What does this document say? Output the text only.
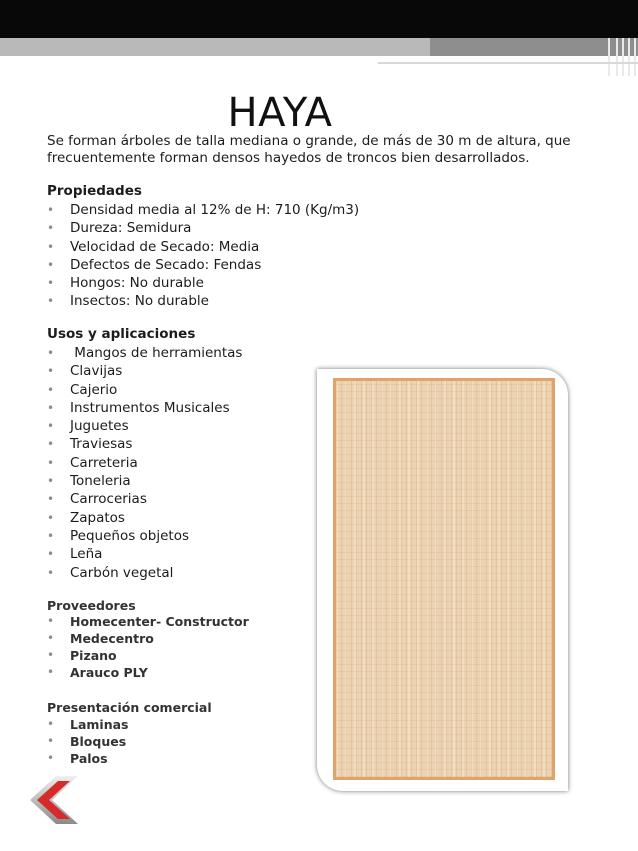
HAYA
Se forman árboles de talla mediana o grande, de más de 30 m de altura, que frecuentemente forman densos hayedos de troncos bien desarrollados.
Propiedades
• Densidad media al 12% de H: 710 (Kg/m3)
• Dureza: Semidura
• Velocidad de Secado: Media
• Defectos de Secado: Fendas
• Hongos: No durable
• Insectos: No durable
Usos y aplicaciones
• Mangos de herramientas
• Clavijas
• Cajerio
• Instrumentos Musicales
• Juguetes
• Traviesas
• Carreteria
• Toneleria
• Carrocerias
• Zapatos
• Pequeños objetos
• Leña
• Carbón vegetal
Proveedores
• Homecenter- Constructor
• Medecentro
• Pizano
• Arauco PLY
Presentación comercial
• Laminas
• Bloques
• Palos
